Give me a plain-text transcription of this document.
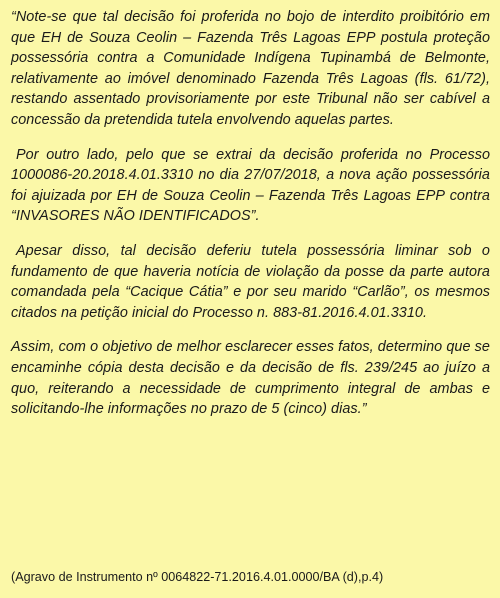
“Note-se que tal decisão foi proferida no bojo de interdito proibitório em que EH de Souza Ceolin – Fazenda Três Lagoas EPP postula proteção possessória contra a Comunidade Indígena Tupinambá de Belmonte, relativamente ao imóvel denominado Fazenda Três Lagoas (fls. 61/72), restando assentado provisoriamente por este Tribunal não ser cabível a concessão da pretendida tutela envolvendo aquelas partes.

Por outro lado, pelo que se extrai da decisão proferida no Processo 1000086-20.2018.4.01.3310 no dia 27/07/2018, a nova ação possessória foi ajuizada por EH de Souza Ceolin – Fazenda Três Lagoas EPP contra “INVASORES NÃO IDENTIFICADOS”.

Apesar disso, tal decisão deferiu tutela possessória liminar sob o fundamento de que haveria notícia de violação da posse da parte autora comandada pela “Cacique Cátia” e por seu marido “Carlão”, os mesmos citados na petição inicial do Processo n. 883-81.2016.4.01.3310.

Assim, com o objetivo de melhor esclarecer esses fatos, determino que se encaminhe cópia desta decisão e da decisão de fls. 239/245 ao juízo a quo, reiterando a necessidade de cumprimento integral de ambas e solicitando-lhe informações no prazo de 5 (cinco) dias.”

(Agravo de Instrumento nº 0064822-71.2016.4.01.0000/BA (d),p.4)
